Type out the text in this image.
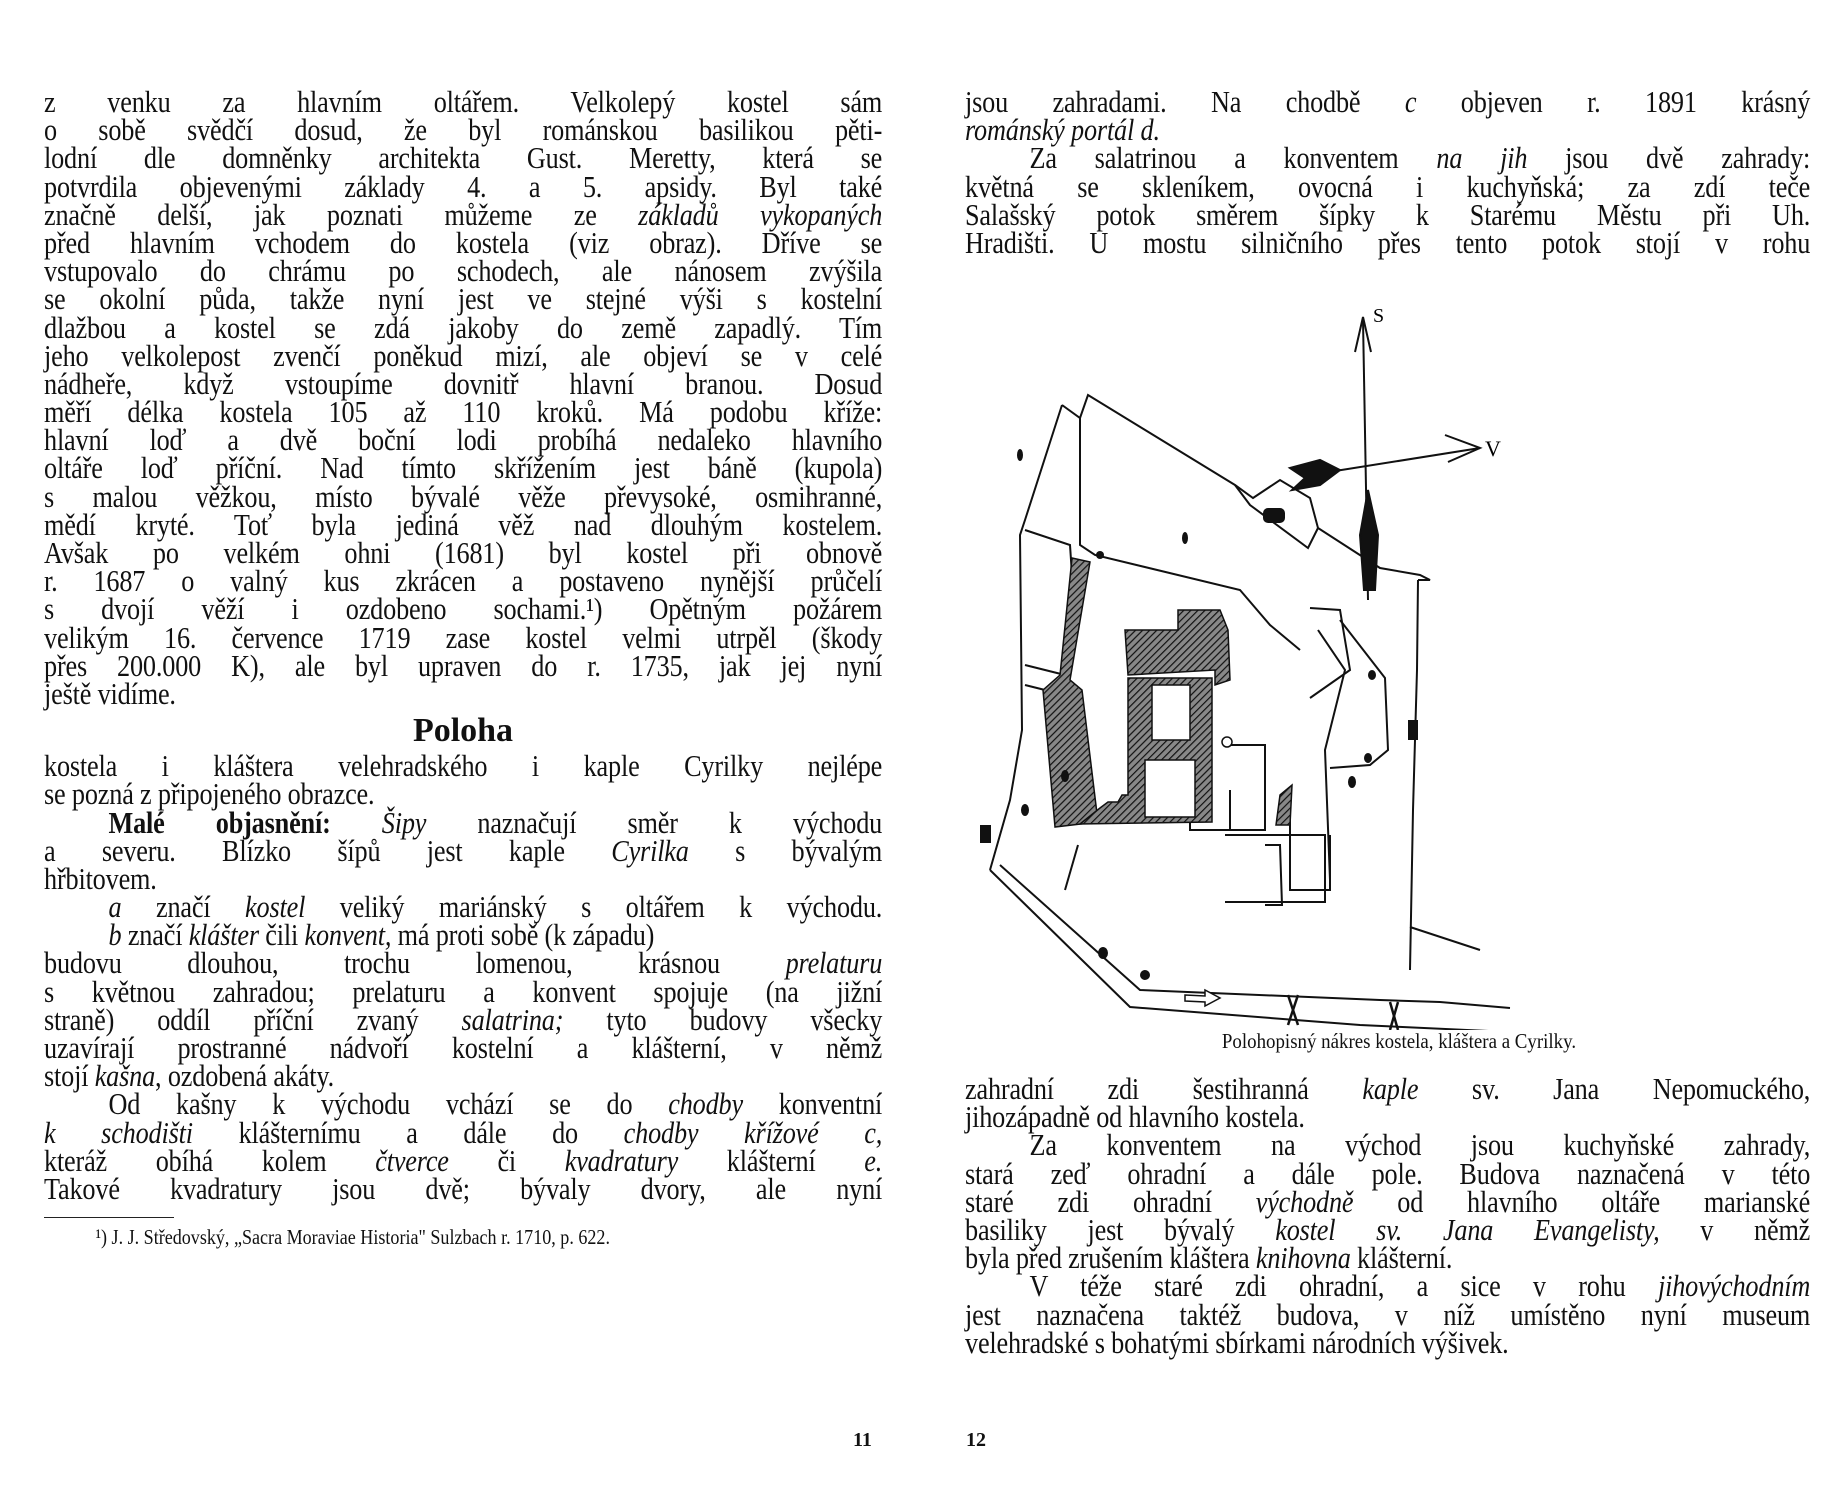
z venku za hlavním oltářem. Velkolepý kostel sám
o sobě svědčí dosud, že byl románskou basilikou pěti-
lodní dle domněnky architekta Gust. Meretty, která se
potvrdila objevenými základy 4. a 5. apsidy. Byl také
značně delší, jak poznati můžeme ze základů vykopaných
před hlavním vchodem do kostela (viz obraz). Dříve se
vstupovalo do chrámu po schodech, ale nánosem zvýšila
se okolní půda, takže nyní jest ve stejné výši s kostelní
dlažbou a kostel se zdá jakoby do země zapadlý. Tím
jeho velkolepost zvenčí poněkud mizí, ale objeví se v celé
nádheře, když vstoupíme dovnitř hlavní branou. Dosud
měří délka kostela 105 až 110 kroků. Má podobu kříže:
hlavní loď a dvě boční lodi probíhá nedaleko hlavního
oltáře loď příční. Nad tímto skřížením jest báně (kupola)
s malou věžkou, místo bývalé věže převysoké, osmihranné,
mědí kryté. Toť byla jediná věž nad dlouhým kostelem.
Avšak po velkém ohni (1681) byl kostel při obnově
r. 1687 o valný kus zkrácen a postaveno nynější průčelí
s dvojí věží i ozdobeno sochami.¹) Opětným požárem
velikým 16. července 1719 zase kostel velmi utrpěl (škody
přes 200.000 K), ale byl upraven do r. 1735, jak jej nyní
ještě vidíme.
Poloha
kostela i kláštera velehradského i kaple Cyrilky nejlépe
se pozná z připojeného obrazce.
Malé objasnění: Šipy naznačují směr k východu
a severu. Blízko šípů jest kaple Cyrilka s bývalým
hřbitovem.
a značí kostel veliký mariánský s oltářem k východu.
b značí klášter čili konvent, má proti sobě (k západu)
budovu dlouhou, trochu lomenou, krásnou prelaturu
s květnou zahradou; prelaturu a konvent spojuje (na jižní
straně) oddíl příční zvaný salatrina; tyto budovy všecky
uzavírají prostranné nádvoří kostelní a klášterní, v němž
stojí kašna, ozdobená akáty.
Od kašny k východu vchází se do chodby konventní
k schodišti klášternímu a dále do chodby křížové c,
kteráž obíhá kolem čtverce či kvadratury klášterní e.
Takové kvadratury jsou dvě; bývaly dvory, ale nyní
¹) J. J. Středovský, „Sacra Moraviae Historia" Sulzbach r. 1710, p. 622.
11
jsou zahradami. Na chodbě c objeven r. 1891 krásný
románský portál d.
Za salatrinou a konventem na jih jsou dvě zahrady:
květná se skleníkem, ovocná i kuchyňská; za zdí teče
Salašský potok směrem šípky k Starému Městu při Uh.
Hradišti. U mostu silničního přes tento potok stojí v rohu
S
V
Polohopisný nákres kostela, kláštera a Cyrilky.
zahradní zdi šestihranná kaple sv. Jana Nepomuckého,
jihozápadně od hlavního kostela.
Za konventem na východ jsou kuchyňské zahrady,
stará zeď ohradní a dále pole. Budova naznačená v této
staré zdi ohradní východně od hlavního oltáře marianské
basiliky jest bývalý kostel sv. Jana Evangelisty, v němž
byla před zrušením kláštera knihovna klášterní.
V téže staré zdi ohradní, a sice v rohu jihovýchodním
jest naznačena taktéž budova, v níž umístěno nyní museum
velehradské s bohatými sbírkami národních výšivek.
12
